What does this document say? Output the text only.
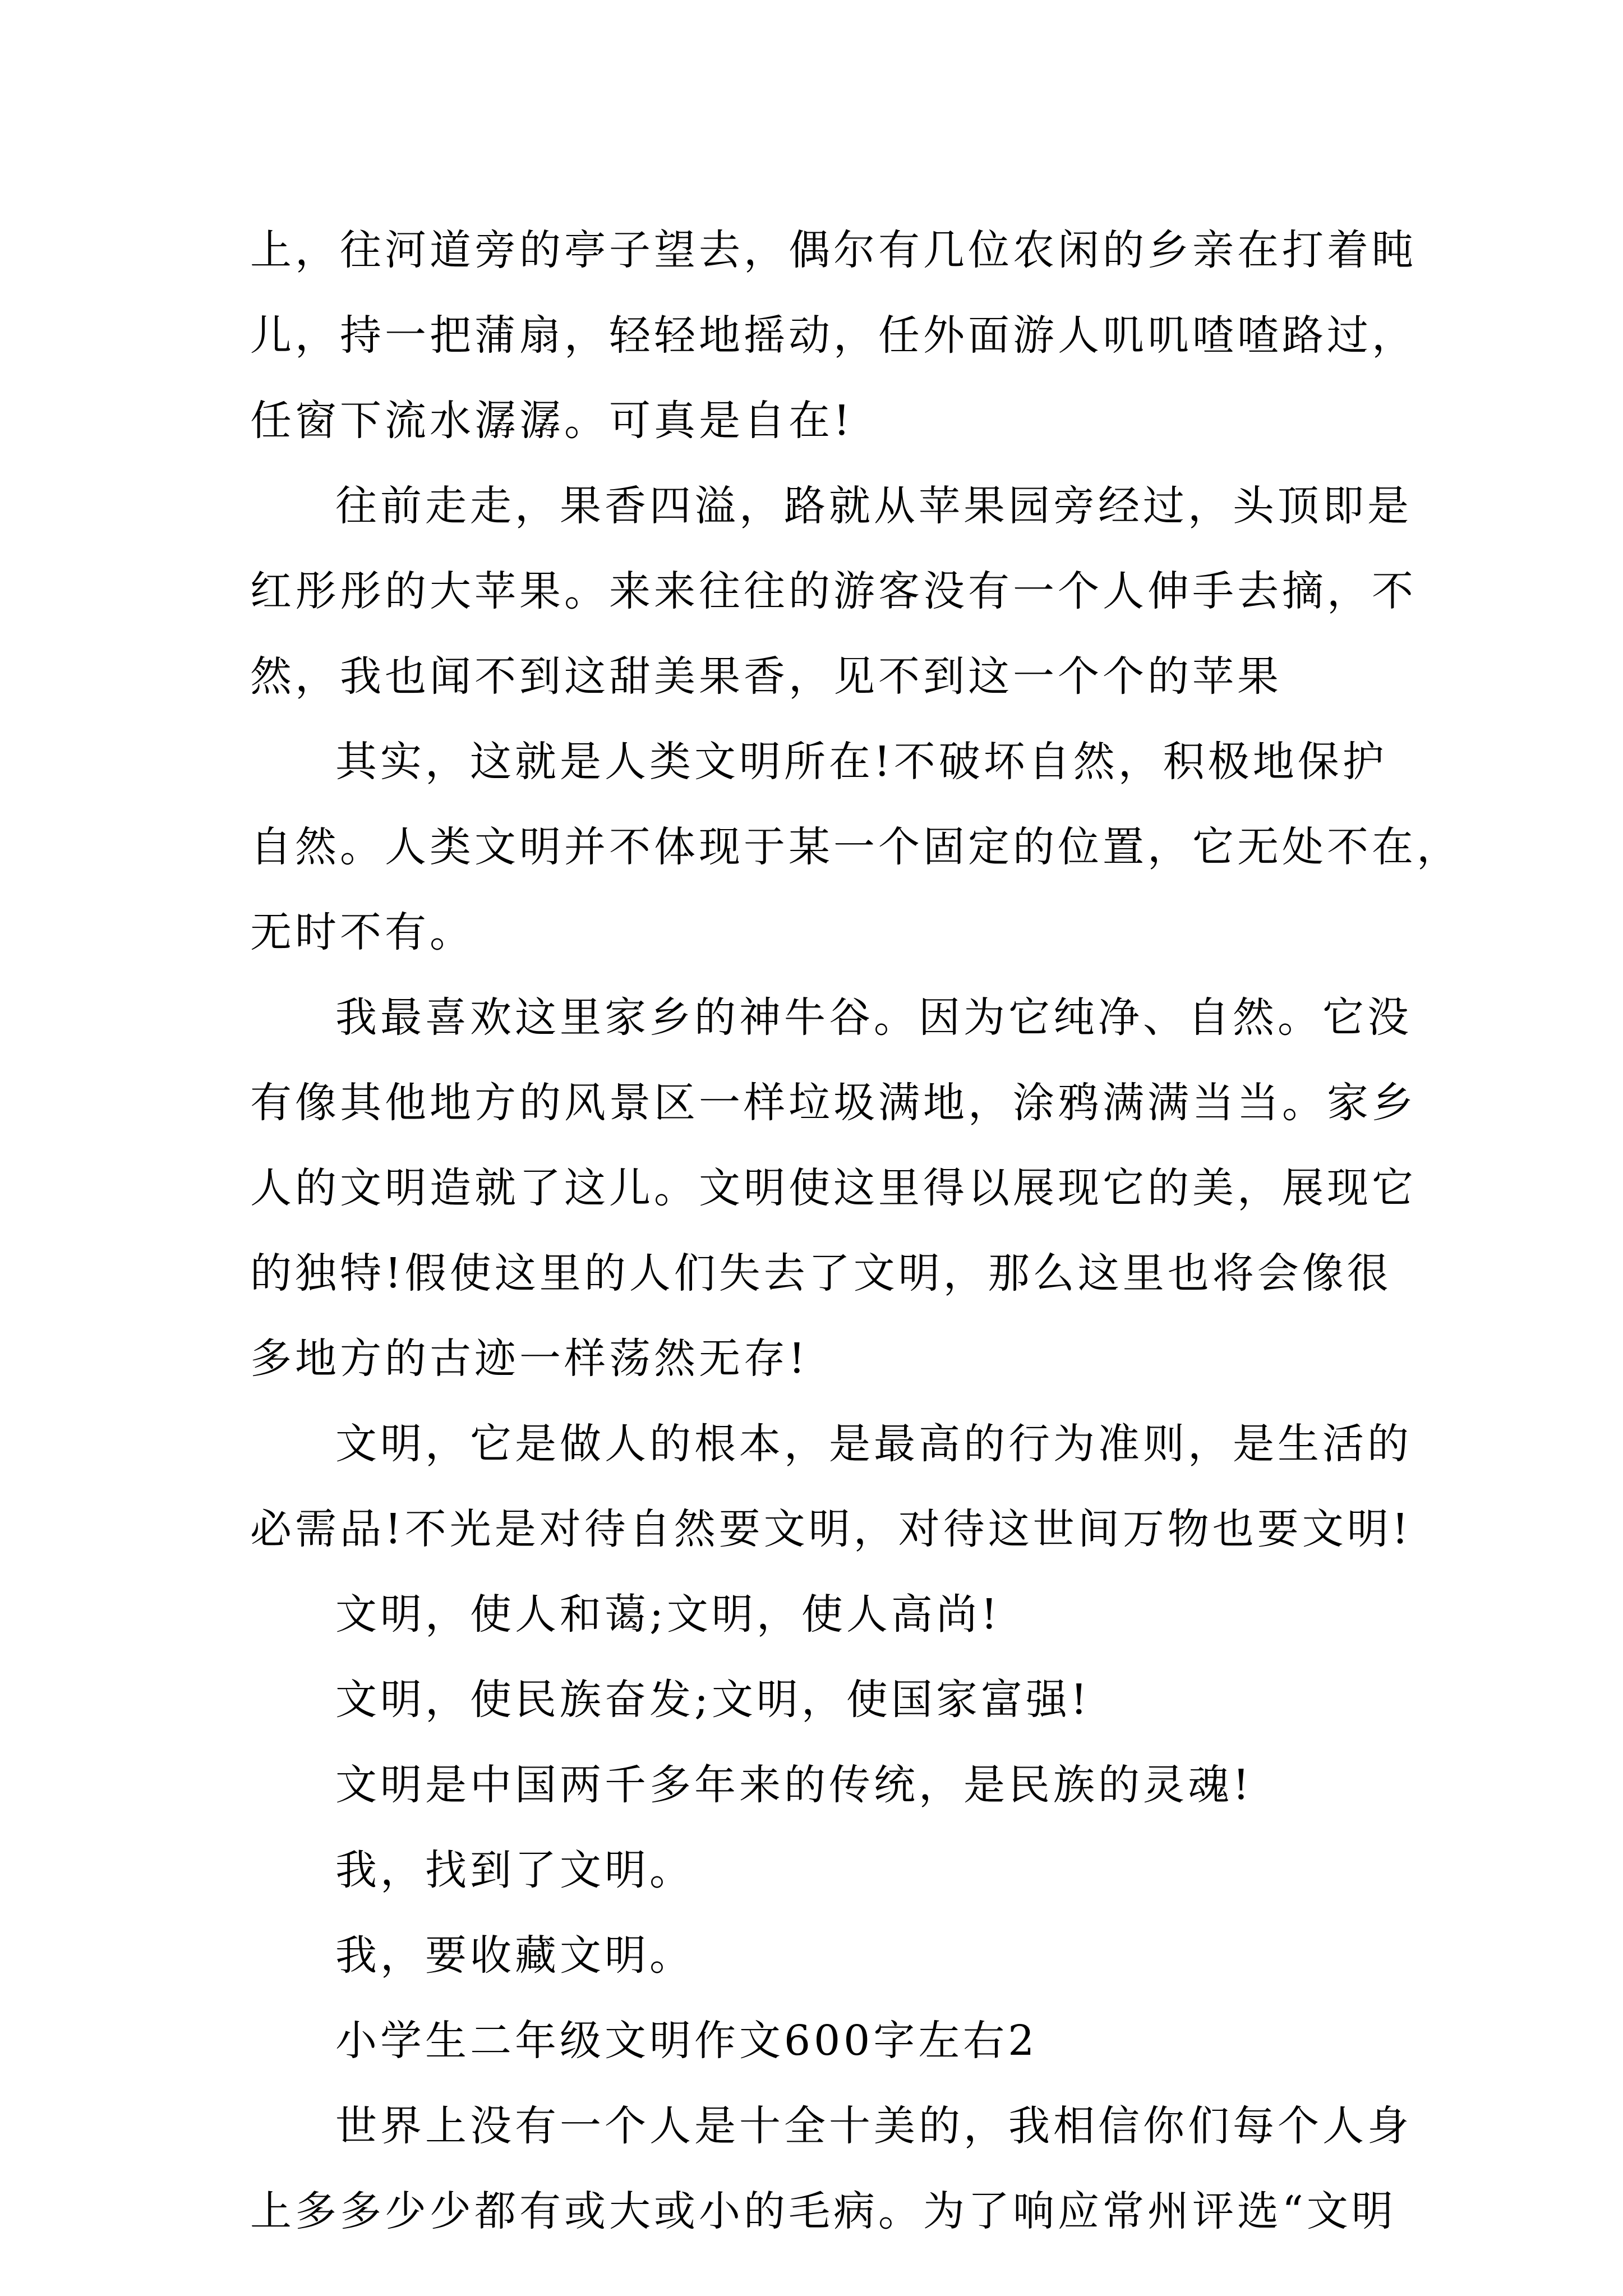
上，往河道旁的亭子望去，偶尔有几位农闲的乡亲在打着盹
儿，持一把蒲扇，轻轻地摇动，任外面游人叽叽喳喳路过，
任窗下流水潺潺。可真是自在!
往前走走，果香四溢，路就从苹果园旁经过，头顶即是
红彤彤的大苹果。来来往往的游客没有一个人伸手去摘，不
然，我也闻不到这甜美果香，见不到这一个个的苹果
其实，这就是人类文明所在!不破坏自然，积极地保护
自然。人类文明并不体现于某一个固定的位置，它无处不在，
无时不有。
我最喜欢这里家乡的神牛谷。因为它纯净、自然。它没
有像其他地方的风景区一样垃圾满地，涂鸦满满当当。家乡
人的文明造就了这儿。文明使这里得以展现它的美，展现它
的独特!假使这里的人们失去了文明，那么这里也将会像很
多地方的古迹一样荡然无存!
文明，它是做人的根本，是最高的行为准则，是生活的
必需品!不光是对待自然要文明，对待这世间万物也要文明!
文明，使人和蔼;文明，使人高尚!
文明，使民族奋发;文明，使国家富强!
文明是中国两千多年来的传统，是民族的灵魂!
我，找到了文明。
我，要收藏文明。
小学生二年级文明作文600字左右2
世界上没有一个人是十全十美的，我相信你们每个人身
上多多少少都有或大或小的毛病。为了响应常州评选“文明
